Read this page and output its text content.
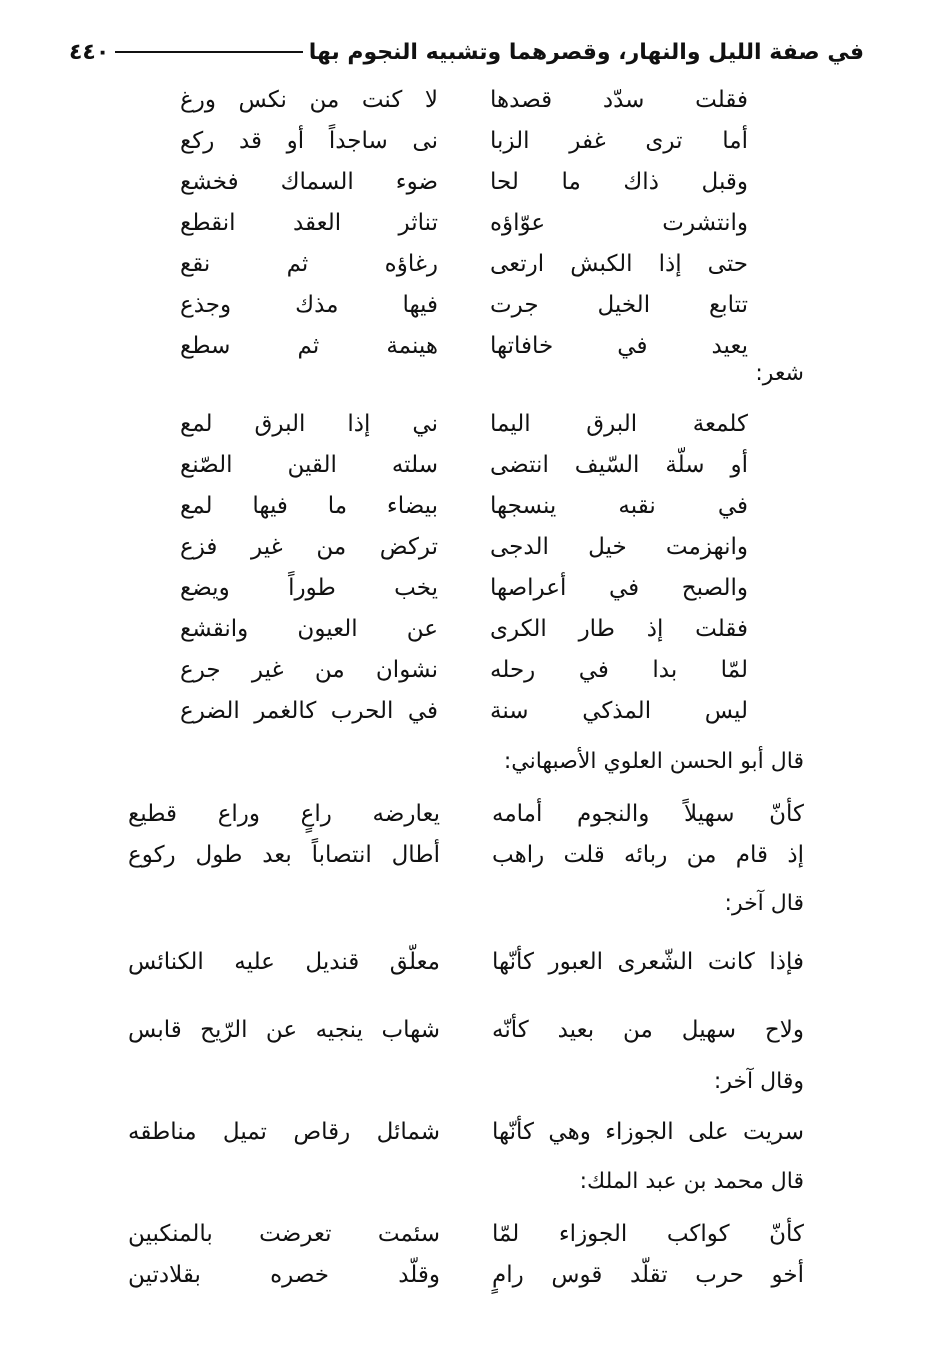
في صفة الليل والنهار، وقصرهما وتشبيه النجوم بها
٤٤٠
فقلت سدّد قصدها
لا كنت من نكس ورغ
أما ترى غفر الزبا
نى ساجداً أو قد ركع
وقبل ذاك ما لحا
ضوء السماك فخشع
وانتشرت عوّاؤه
تناثر العقد انقطع
حتى إذا الكبش ارتعى
رغاؤه ثم نقع
تتابع الخيل جرت
فيها مذك وجذع
يعيد في خافاتها
هينمة ثم سطع
شعر:
كلمعة البرق اليما
ني إذا البرق لمع
أو سلّة السّيف انتضى
سلته القين الصّنع
في نقبه ينسجها
بيضاء ما فيها لمع
وانهزمت خيل الدجى
تركض من غير فزع
والصبح في أعراصها
يخب طوراً ويضع
فقلت إذ طار الكرى
عن العيون وانقشع
لمّا بدا في رحله
نشوان من غير جرع
ليس المذكي سنة
في الحرب كالغمر الضرع
قال أبو الحسن العلوي الأصبهاني:
كأنّ سهيلاً والنجوم أمامه
يعارضه راعٍ وراع قطيع
إذ قام من ربائه قلت راهب
أطال انتصاباً بعد طول ركوع
قال آخر:
فإذا كانت الشّعرى العبور كأنّها
معلّق قنديل عليه الكنائس
ولاح سهيل من بعيد كأنّه
شهاب ينجيه عن الرّيح قابس
وقال آخر:
سريت على الجوزاء وهي كأنّها
شمائل رقاص تميل مناطقه
قال محمد بن عبد الملك:
كأنّ كواكب الجوزاء لمّا
سئمت تعرضت بالمنكبين
أخو حرب تقلّد قوس رامٍ
وقلّد خصره بقلادتين
